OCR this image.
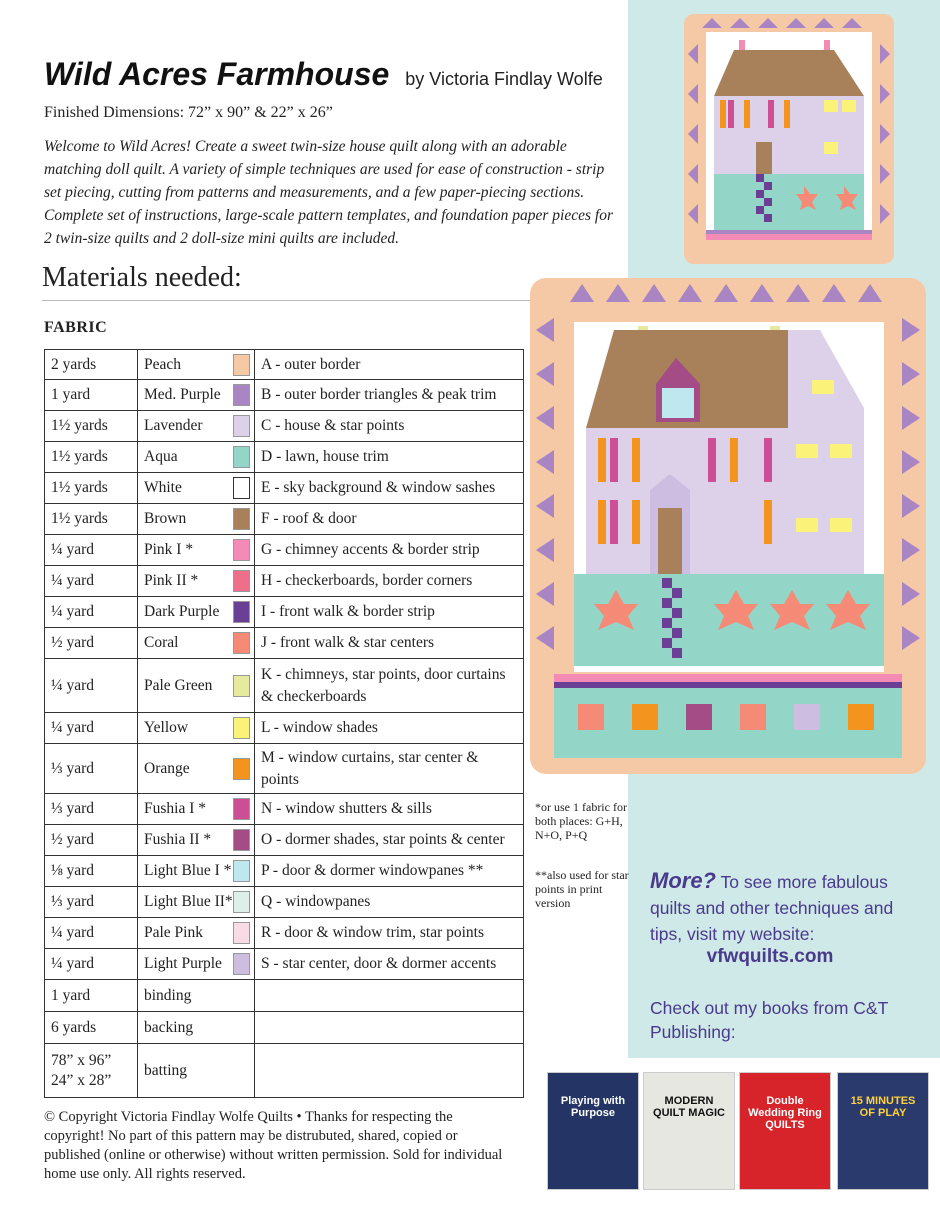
Wild Acres Farmhouse by Victoria Findlay Wolfe
Finished Dimensions: 72” x 90” & 22” x 26”
Welcome to Wild Acres! Create a sweet twin-size house quilt along with an adorable matching doll quilt. A variety of simple techniques are used for ease of construction - strip set piecing, cutting from patterns and measurements, and a few paper-piecing sections. Complete set of instructions, large-scale pattern templates, and foundation paper pieces for 2 twin-size quilts and 2 doll-size mini quilts are included.
Materials needed:
FABRIC
2 yards	Peach	A - outer border
1 yard	Med. Purple	B - outer border triangles & peak trim
1½ yards	Lavender	C - house & star points
1½ yards	Aqua	D - lawn, house trim
1½ yards	White	E - sky background & window sashes
1½ yards	Brown	F - roof & door
¼ yard	Pink I *	G - chimney accents & border strip
¼ yard	Pink II *	H - checkerboards, border corners
¼ yard	Dark Purple	I - front walk & border strip
½ yard	Coral	J - front walk & star centers
¼ yard	Pale Green	K - chimneys, star points, door curtains & checkerboards
¼ yard	Yellow	L - window shades
⅓ yard	Orange	M - window curtains, star center & points
⅓ yard	Fushia I *	N - window shutters & sills
½ yard	Fushia II *	O - dormer shades, star points & center
⅛ yard	Light Blue I *	P - door & dormer windowpanes **
⅓ yard	Light Blue II*	Q - windowpanes
¼ yard	Pale Pink	R - door & window trim, star points
¼ yard	Light Purple	S - star center, door & dormer accents
1 yard	binding	

6 yards	backing	

78” x 96”
24” x 28”	batting	

*or use 1 fabric for both places: G+H, N+O, P+Q
**also used for star points in print version
More? To see more fabulous quilts and other techniques and tips, visit my website:
vfwquilts.com
Check out my books from C&T Publishing:
© Copyright Victoria Findlay Wolfe Quilts • Thanks for respecting the copyright! No part of this pattern may be distrubuted, shared, copied or published (online or otherwise) without written permission. Sold for individual home use only. All rights reserved.
Playing with Purpose
MODERN QUILT MAGIC
Double Wedding Ring QUILTS
15 MINUTES OF PLAY
